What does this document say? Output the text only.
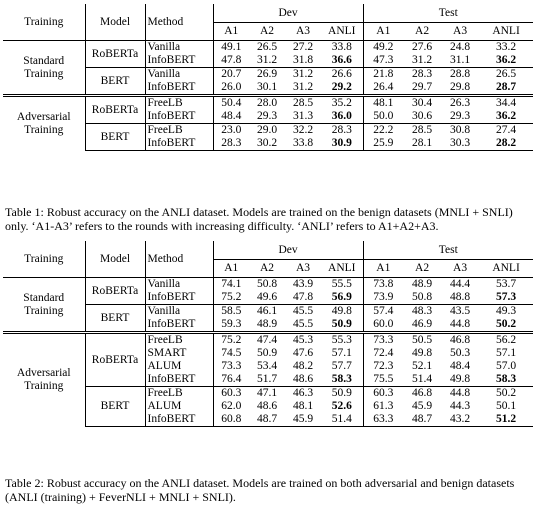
Training	Model	Method	Dev				Test			
			A1	A2	A3	ANLI	A1	A2	A3	ANLI
Standard Training	RoBERTa	Vanilla	49.1	26.5	27.2	33.8	49.2	27.6	24.8	33.2
		InfoBERT	47.8	31.2	31.8	36.6	47.3	31.2	31.1	36.2
	BERT	Vanilla	20.7	26.9	31.2	26.6	21.8	28.3	28.8	26.5
		InfoBERT	26.0	30.1	31.2	29.2	26.4	29.7	29.8	28.7
Adversarial Training	RoBERTa	FreeLB	50.4	28.0	28.5	35.2	48.1	30.4	26.3	34.4
		InfoBERT	48.4	29.3	31.3	36.0	50.0	30.6	29.3	36.2
	BERT	FreeLB	23.0	29.0	32.2	28.3	22.2	28.5	30.8	27.4
		InfoBERT	28.3	30.2	33.8	30.9	25.9	28.1	30.3	28.2
Table 1: Robust accuracy on the ANLI dataset. Models are trained on the benign datasets (MNLI + SNLI) only. ‘A1-A3’ refers to the rounds with increasing difficulty. ‘ANLI’ refers to A1+A2+A3.
Training	Model	Method	Dev				Test			
			A1	A2	A3	ANLI	A1	A2	A3	ANLI
Standard Training	RoBERTa	Vanilla	74.1	50.8	43.9	55.5	73.8	48.9	44.4	53.7
		InfoBERT	75.2	49.6	47.8	56.9	73.9	50.8	48.8	57.3
	BERT	Vanilla	58.5	46.1	45.5	49.8	57.4	48.3	43.5	49.3
		InfoBERT	59.3	48.9	45.5	50.9	60.0	46.9	44.8	50.2
Adversarial Training	RoBERTa	FreeLB	75.2	47.4	45.3	55.3	73.3	50.5	46.8	56.2
		SMART	74.5	50.9	47.6	57.1	72.4	49.8	50.3	57.1
		ALUM	73.3	53.4	48.2	57.7	72.3	52.1	48.4	57.0
		InfoBERT	76.4	51.7	48.6	58.3	75.5	51.4	49.8	58.3
	BERT	FreeLB	60.3	47.1	46.3	50.9	60.3	46.8	44.8	50.2
		ALUM	62.0	48.6	48.1	52.6	61.3	45.9	44.3	50.1
		InfoBERT	60.8	48.7	45.9	51.4	63.3	48.7	43.2	51.2
Table 2: Robust accuracy on the ANLI dataset. Models are trained on both adversarial and benign datasets (ANLI (training) + FeverNLI + MNLI + SNLI).
